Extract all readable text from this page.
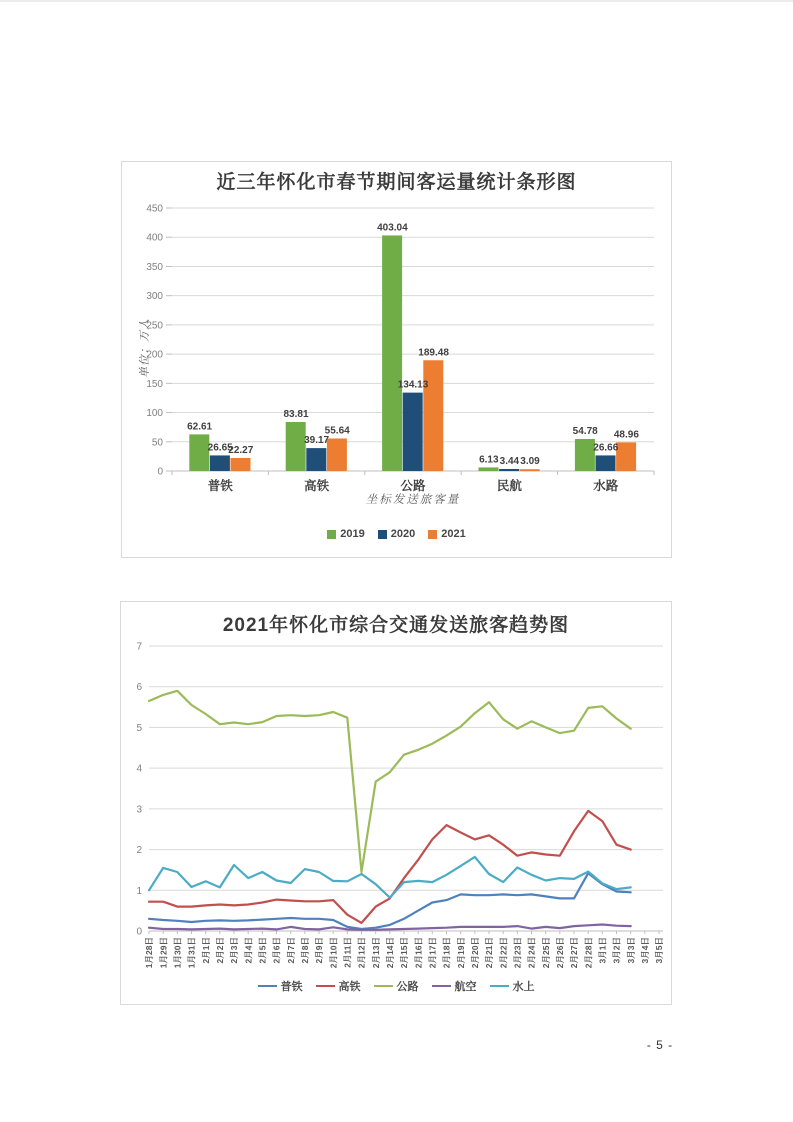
近三年怀化市春节期间客运量统计条形图
0
50
100
150
200
250
300
350
400
450
62.61
26.65
22.27
83.81
39.17
55.64
403.04
134.13
189.48
6.13 3.44 3.09
54.78
26.66
48.96
普铁	高铁	公路	民航	水路
单位：万人
坐标发送旅客量
2019 2020 2021
2021年怀化市综合交通发送旅客趋势图
0
1
2
3
4
5
6
7
1月28日 1月29日 1月30日 1月31日 2月1日 2月2日 2月3日 2月4日 2月5日 2月6日 2月7日 2月8日 2月9日 2月10日 2月11日 2月12日 2月13日 2月14日 2月15日 2月16日 2月17日 2月18日 2月19日 2月20日 2月21日 2月22日 2月23日 2月24日 2月25日 2月26日 2月27日 2月28日 3月1日 3月2日 3月3日 3月4日 3月5日
普铁	高铁	公路	航空	水上
- 5 -
